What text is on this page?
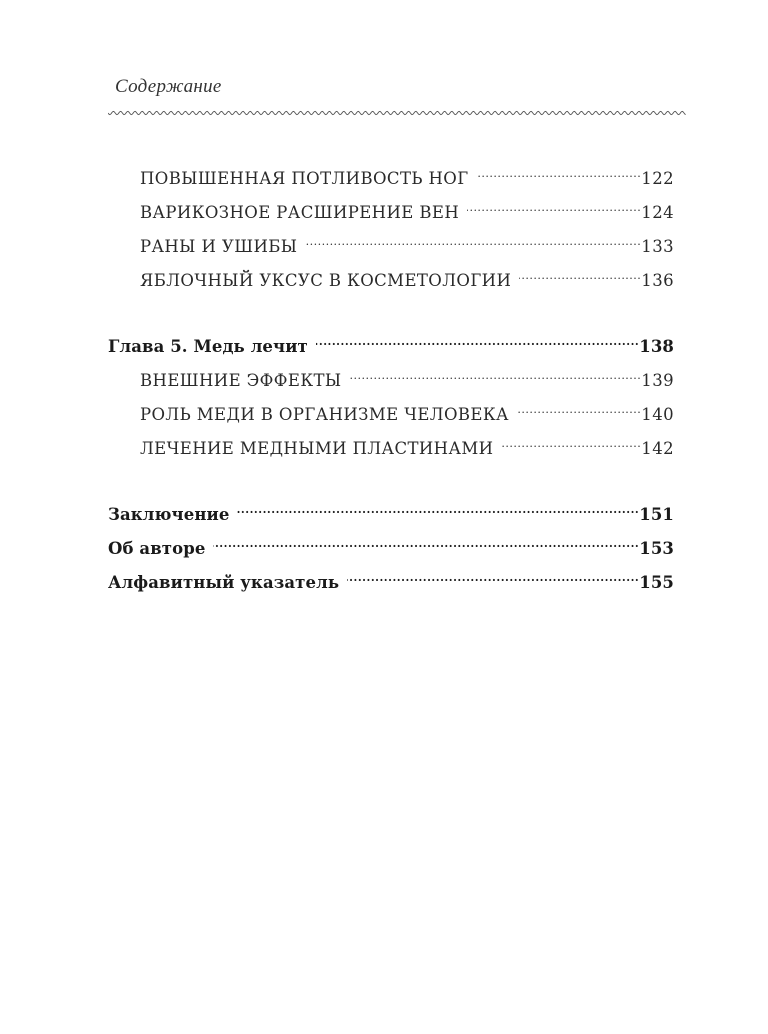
Содержание
ПОВЫШЕННАЯ ПОТЛИВОСТЬ НОГ .....	122
ВАРИКОЗНОЕ РАСШИРЕНИЕ ВЕН .....	124
РАНЫ И УШИБЫ .....	133
ЯБЛОЧНЫЙ УКСУС В КОСМЕТОЛОГИИ .....	136
Глава 5. Медь лечит .....	138
ВНЕШНИЕ ЭФФЕКТЫ .....	139
РОЛЬ МЕДИ В ОРГАНИЗМЕ ЧЕЛОВЕКА .....	140
ЛЕЧЕНИЕ МЕДНЫМИ ПЛАСТИНАМИ .....	142
Заключение .....	151
Об авторе .....	153
Алфавитный указатель .....	155
